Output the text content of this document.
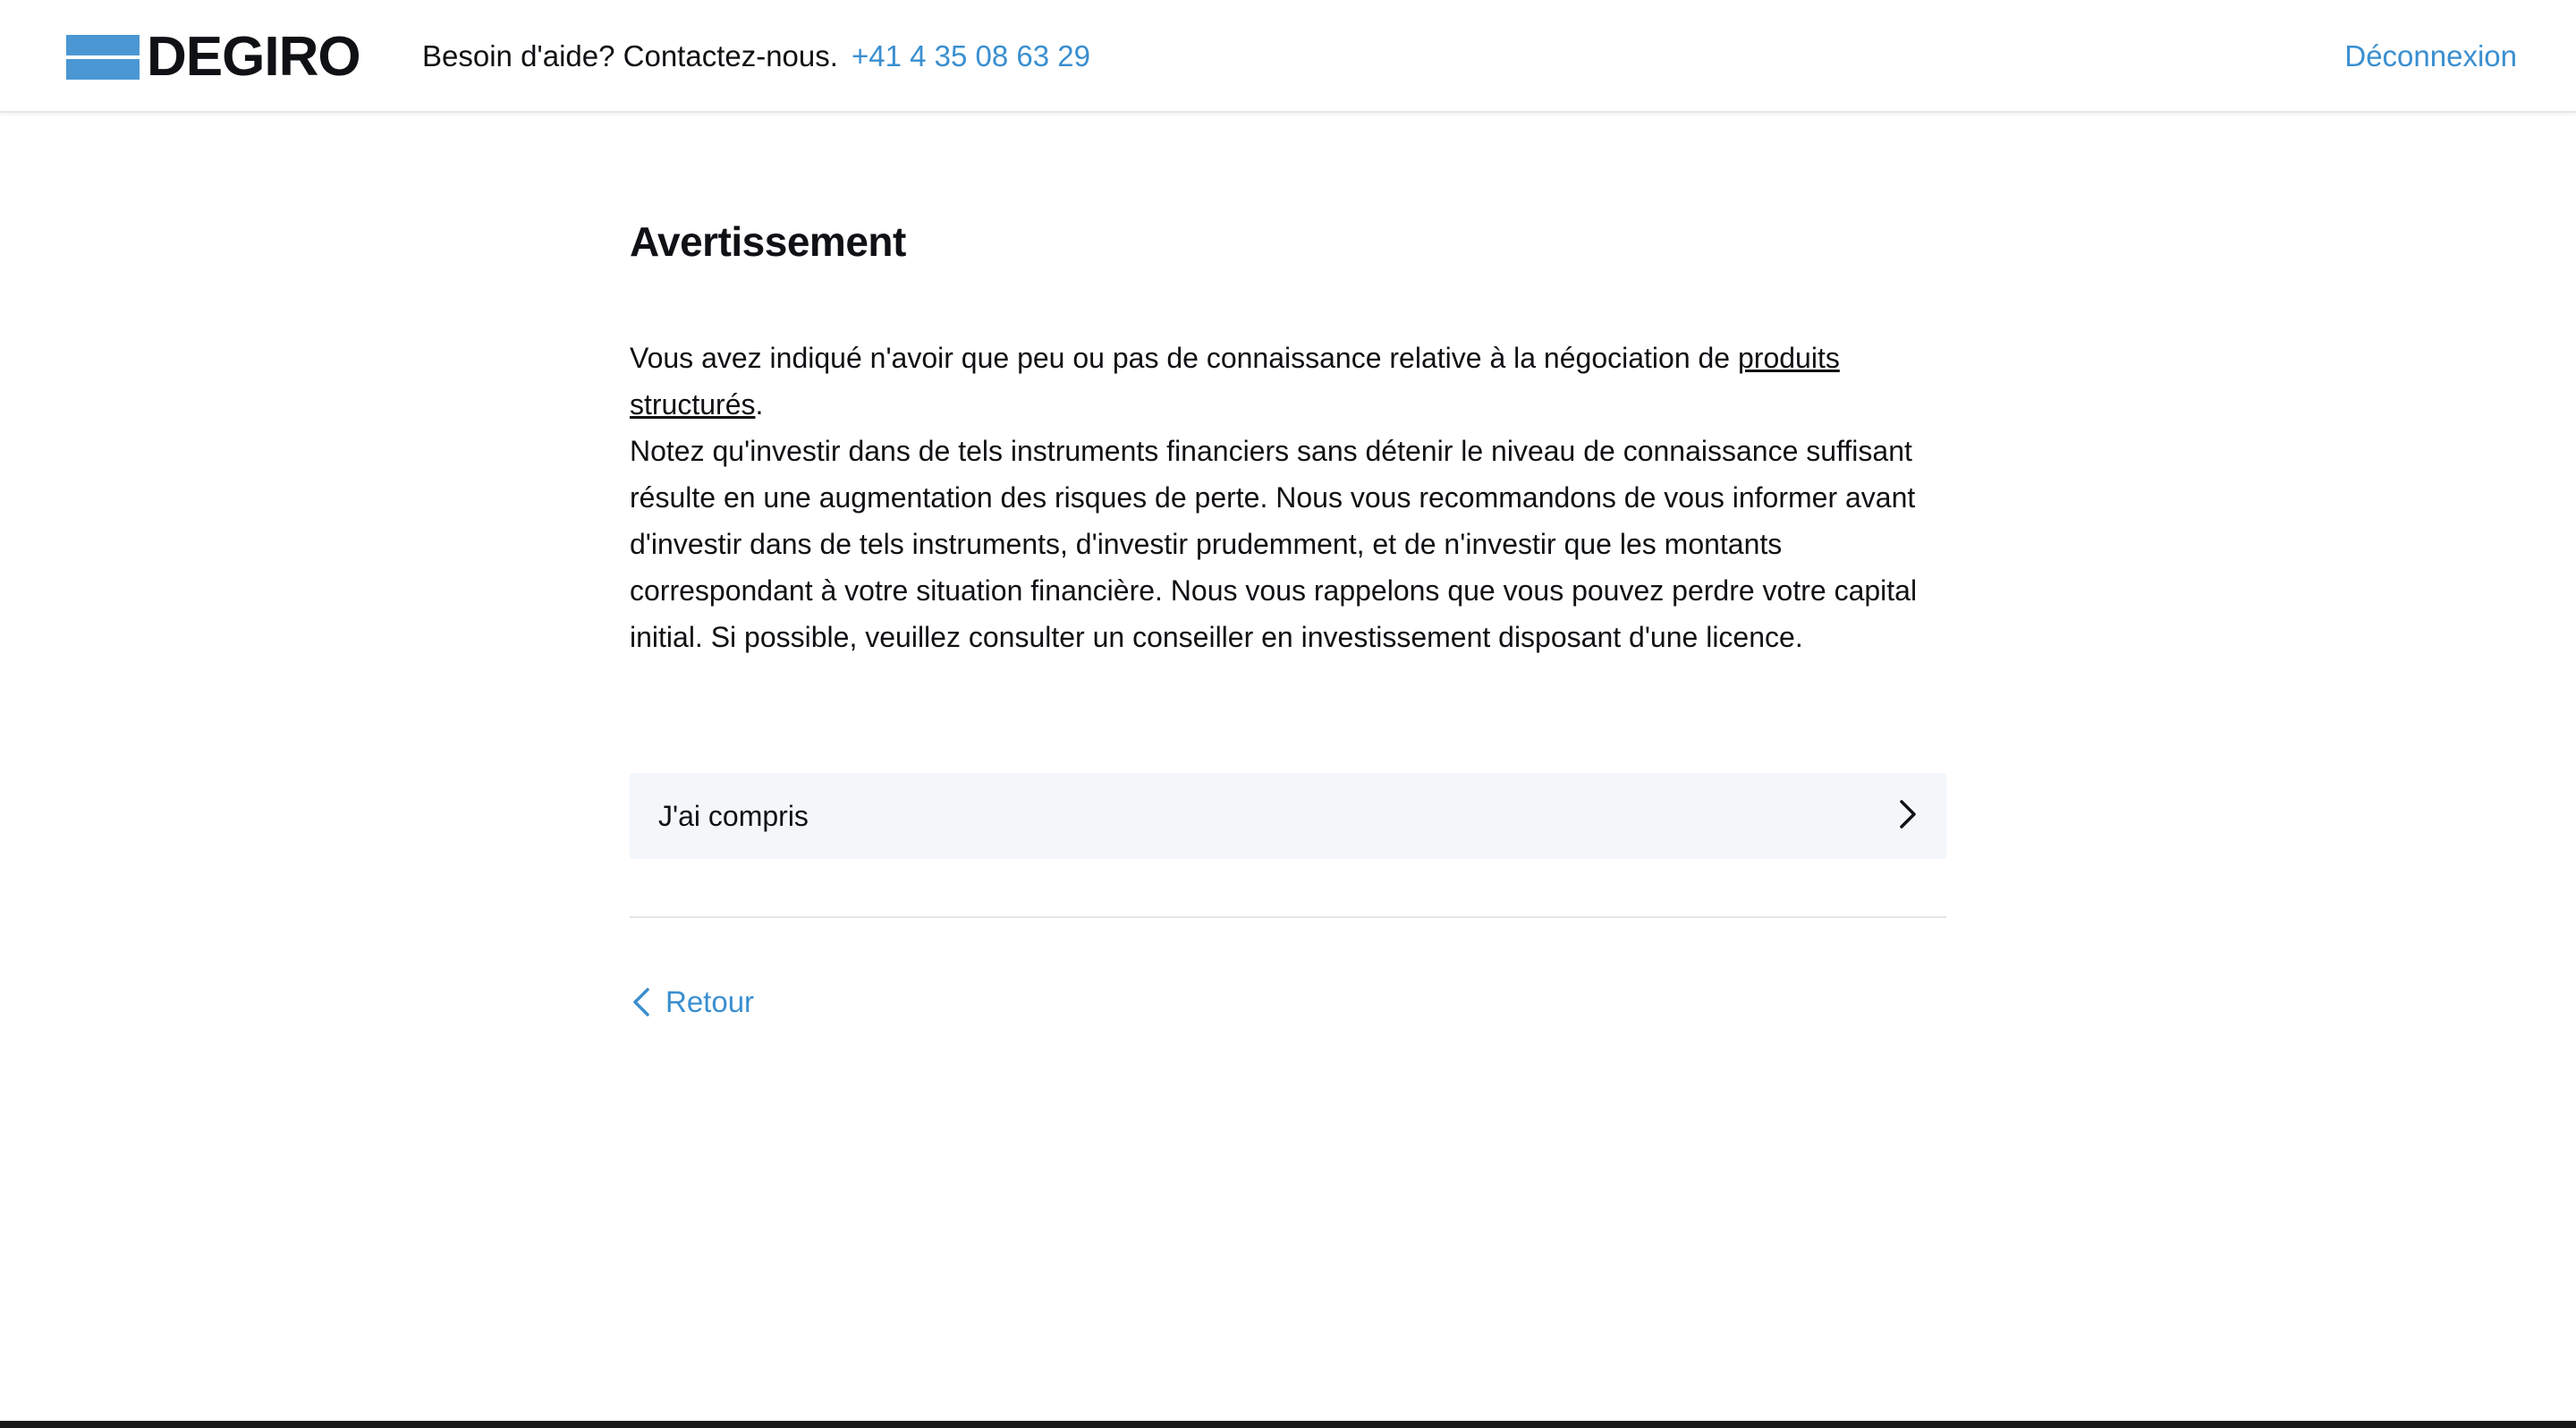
DEGIRO Besoin d'aide? Contactez-nous. +41 4 35 08 63 29	Déconnexion
Avertissement
Vous avez indiqué n'avoir que peu ou pas de connaissance relative à la négociation de produits structurés.
Notez qu'investir dans de tels instruments financiers sans détenir le niveau de connaissance suffisant résulte en une augmentation des risques de perte. Nous vous recommandons de vous informer avant d'investir dans de tels instruments, d'investir prudemment, et de n'investir que les montants correspondant à votre situation financière. Nous vous rappelons que vous pouvez perdre votre capital initial. Si possible, veuillez consulter un conseiller en investissement disposant d'une licence.
J'ai compris
Retour
